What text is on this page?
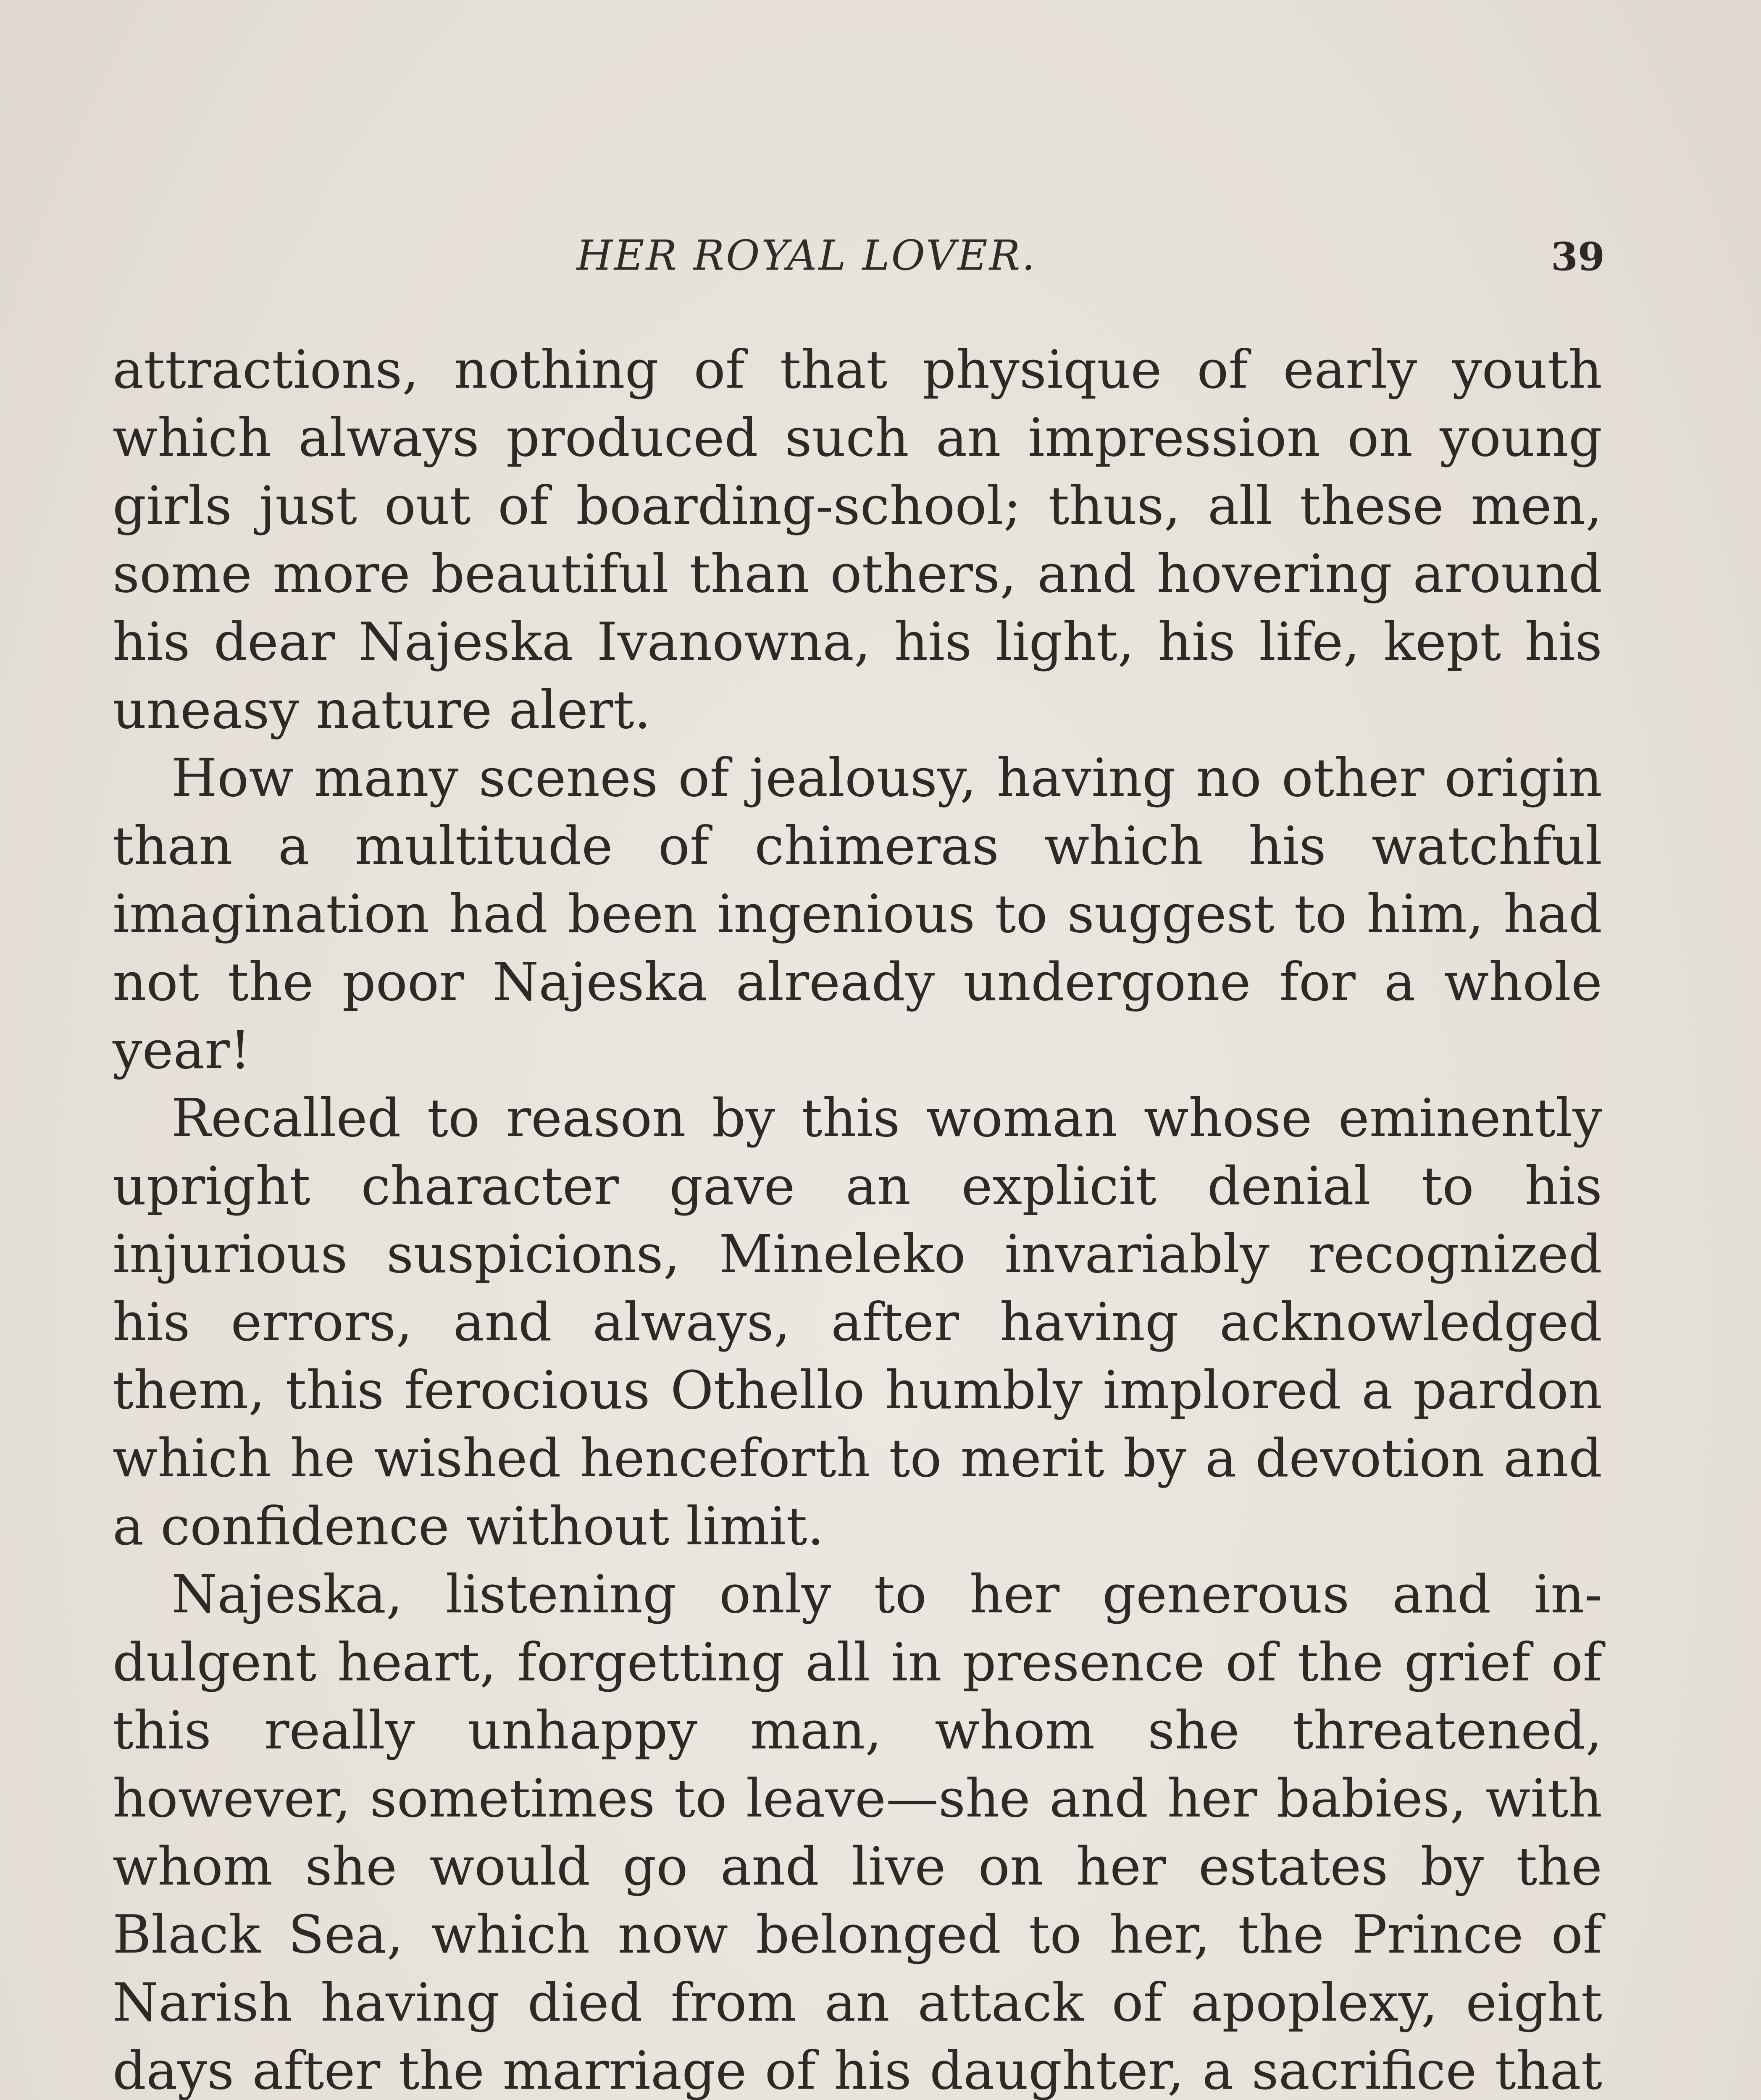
HER ROYAL LOVER.	39

attractions, nothing of that physique of early youth which always produced such an impression on young girls just out of boarding-school; thus, all these men, some more beautiful than others, and hovering around his dear Najeska Ivanowna, his light, his life, kept his uneasy nature alert.

How many scenes of jealousy, having no other origin than a multitude of chimeras which his watchful imagination had been ingenious to suggest to him, had not the poor Najeska already undergone for a whole year!

Recalled to reason by this woman whose eminently upright character gave an explicit denial to his injurious suspicions, Mineleko invariably recognized his errors, and always, after having acknowledged them, this ferocious Othello humbly implored a pardon which he wished henceforth to merit by a devotion and a confidence without limit.

Najeska, listening only to her generous and indulgent heart, forgetting all in presence of the grief of this really unhappy man, whom she threatened, however, sometimes to leave—she and her babies, with whom she would go and live on her estates by the Black Sea, which now belonged to her, the Prince of Narish having died from an attack of apoplexy, eight days after the marriage of his daughter, a sacrifice that
